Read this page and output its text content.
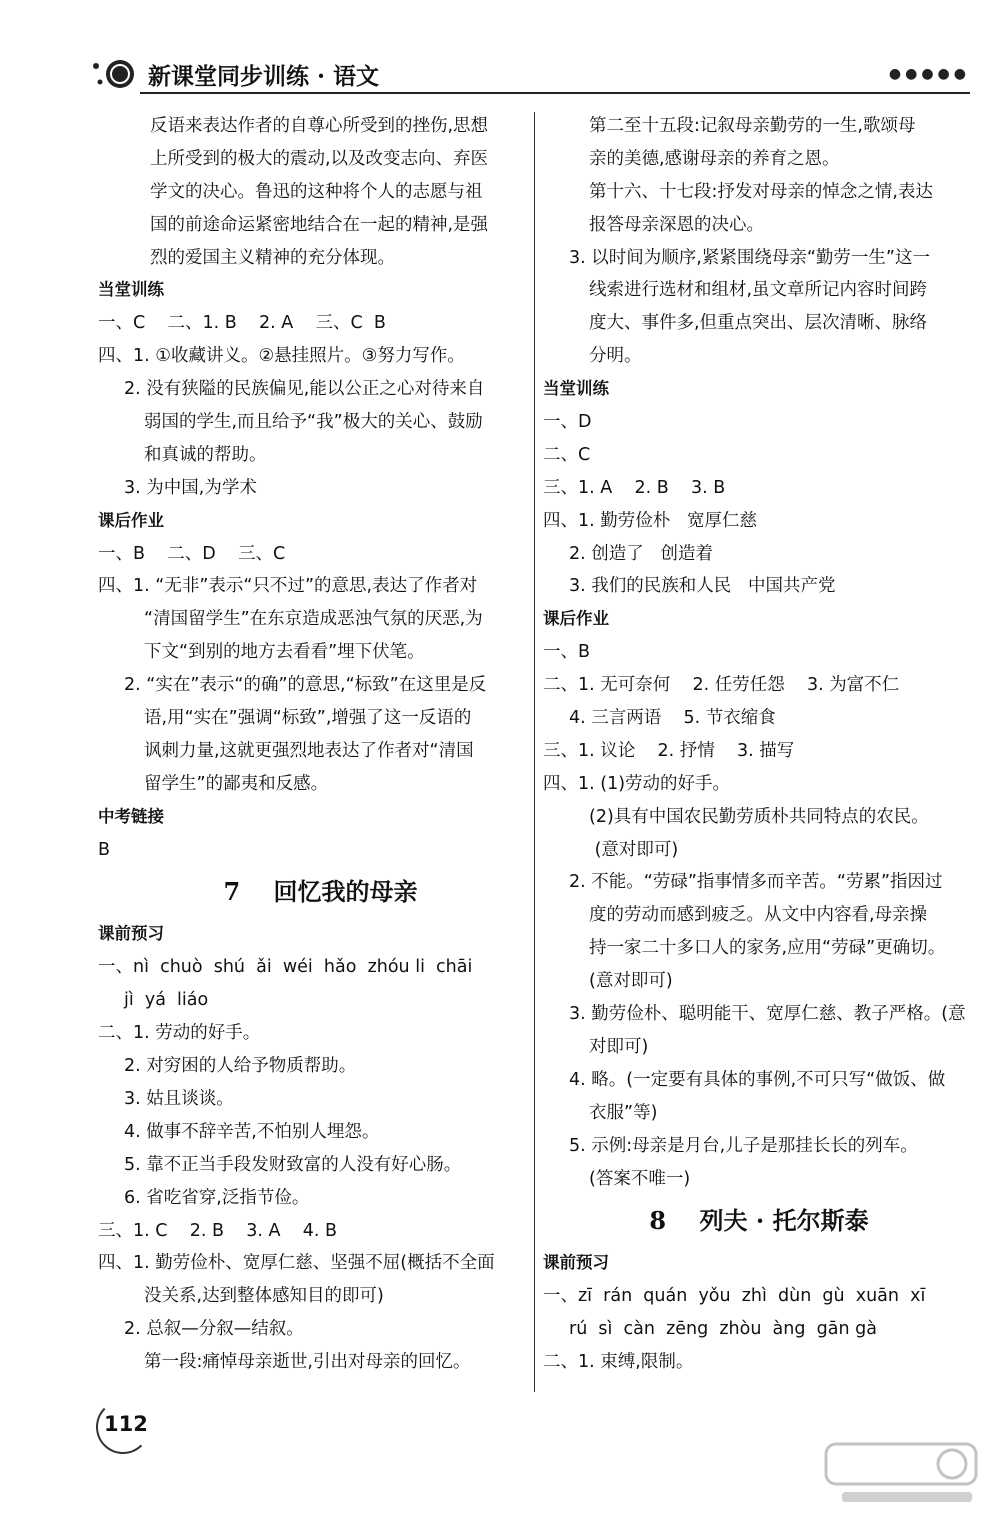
新课堂同步训练 · 语文	●●●●●
反语来表达作者的自尊心所受到的挫伤,思想
上所受到的极大的震动,以及改变志向、弃医
学文的决心。鲁迅的这种将个人的志愿与祖
国的前途命运紧密地结合在一起的精神,是强
烈的爱国主义精神的充分体现。
当堂训练
一、C    二、1. B    2. A    三、C  B
四、1. ①收藏讲义。②悬挂照片。③努力写作。
2. 没有狭隘的民族偏见,能以公正之心对待来自
弱国的学生,而且给予“我”极大的关心、鼓励
和真诚的帮助。
3. 为中国,为学术
课后作业
一、B    二、D    三、C
四、1. “无非”表示“只不过”的意思,表达了作者对
“清国留学生”在东京造成恶浊气氛的厌恶,为
下文“到别的地方去看看”埋下伏笔。
2. “实在”表示“的确”的意思,“标致”在这里是反
语,用“实在”强调“标致”,增强了这一反语的
讽刺力量,这就更强烈地表达了作者对“清国
留学生”的鄙夷和反感。
中考链接
B
7    回忆我的母亲
课前预习
一、nì  chuò  shú  ǎi  wéi  hǎo  zhóu li  chāi
jì  yá  liáo
二、1. 劳动的好手。
2. 对穷困的人给予物质帮助。
3. 姑且谈谈。
4. 做事不辞辛苦,不怕别人埋怨。
5. 靠不正当手段发财致富的人没有好心肠。
6. 省吃省穿,泛指节俭。
三、1. C    2. B    3. A    4. B
四、1. 勤劳俭朴、宽厚仁慈、坚强不屈(概括不全面
没关系,达到整体感知目的即可)
2. 总叙—分叙—结叙。
第一段:痛悼母亲逝世,引出对母亲的回忆。
第二至十五段:记叙母亲勤劳的一生,歌颂母
亲的美德,感谢母亲的养育之恩。
第十六、十七段:抒发对母亲的悼念之情,表达
报答母亲深恩的决心。
3. 以时间为顺序,紧紧围绕母亲“勤劳一生”这一
线索进行选材和组材,虽文章所记内容时间跨
度大、事件多,但重点突出、层次清晰、脉络
分明。
当堂训练
一、D
二、C
三、1. A    2. B    3. B
四、1. 勤劳俭朴   宽厚仁慈
2. 创造了   创造着
3. 我们的民族和人民   中国共产党
课后作业
一、B
二、1. 无可奈何    2. 任劳任怨    3. 为富不仁
4. 三言两语    5. 节衣缩食
三、1. 议论    2. 抒情    3. 描写
四、1. (1)劳动的好手。
(2)具有中国农民勤劳质朴共同特点的农民。
(意对即可)
2. 不能。“劳碌”指事情多而辛苦。“劳累”指因过
度的劳动而感到疲乏。从文中内容看,母亲操
持一家二十多口人的家务,应用“劳碌”更确切。
(意对即可)
3. 勤劳俭朴、聪明能干、宽厚仁慈、教子严格。(意
对即可)
4. 略。(一定要有具体的事例,不可只写“做饭、做
衣服”等)
5. 示例:母亲是月台,儿子是那挂长长的列车。
(答案不唯一)
8    列夫 · 托尔斯泰
课前预习
一、zī  rán  quán  yǒu  zhì  dùn  gù  xuān  xī
rú  sì  càn  zēng  zhòu  àng  gān gà
二、1. 束缚,限制。
112
